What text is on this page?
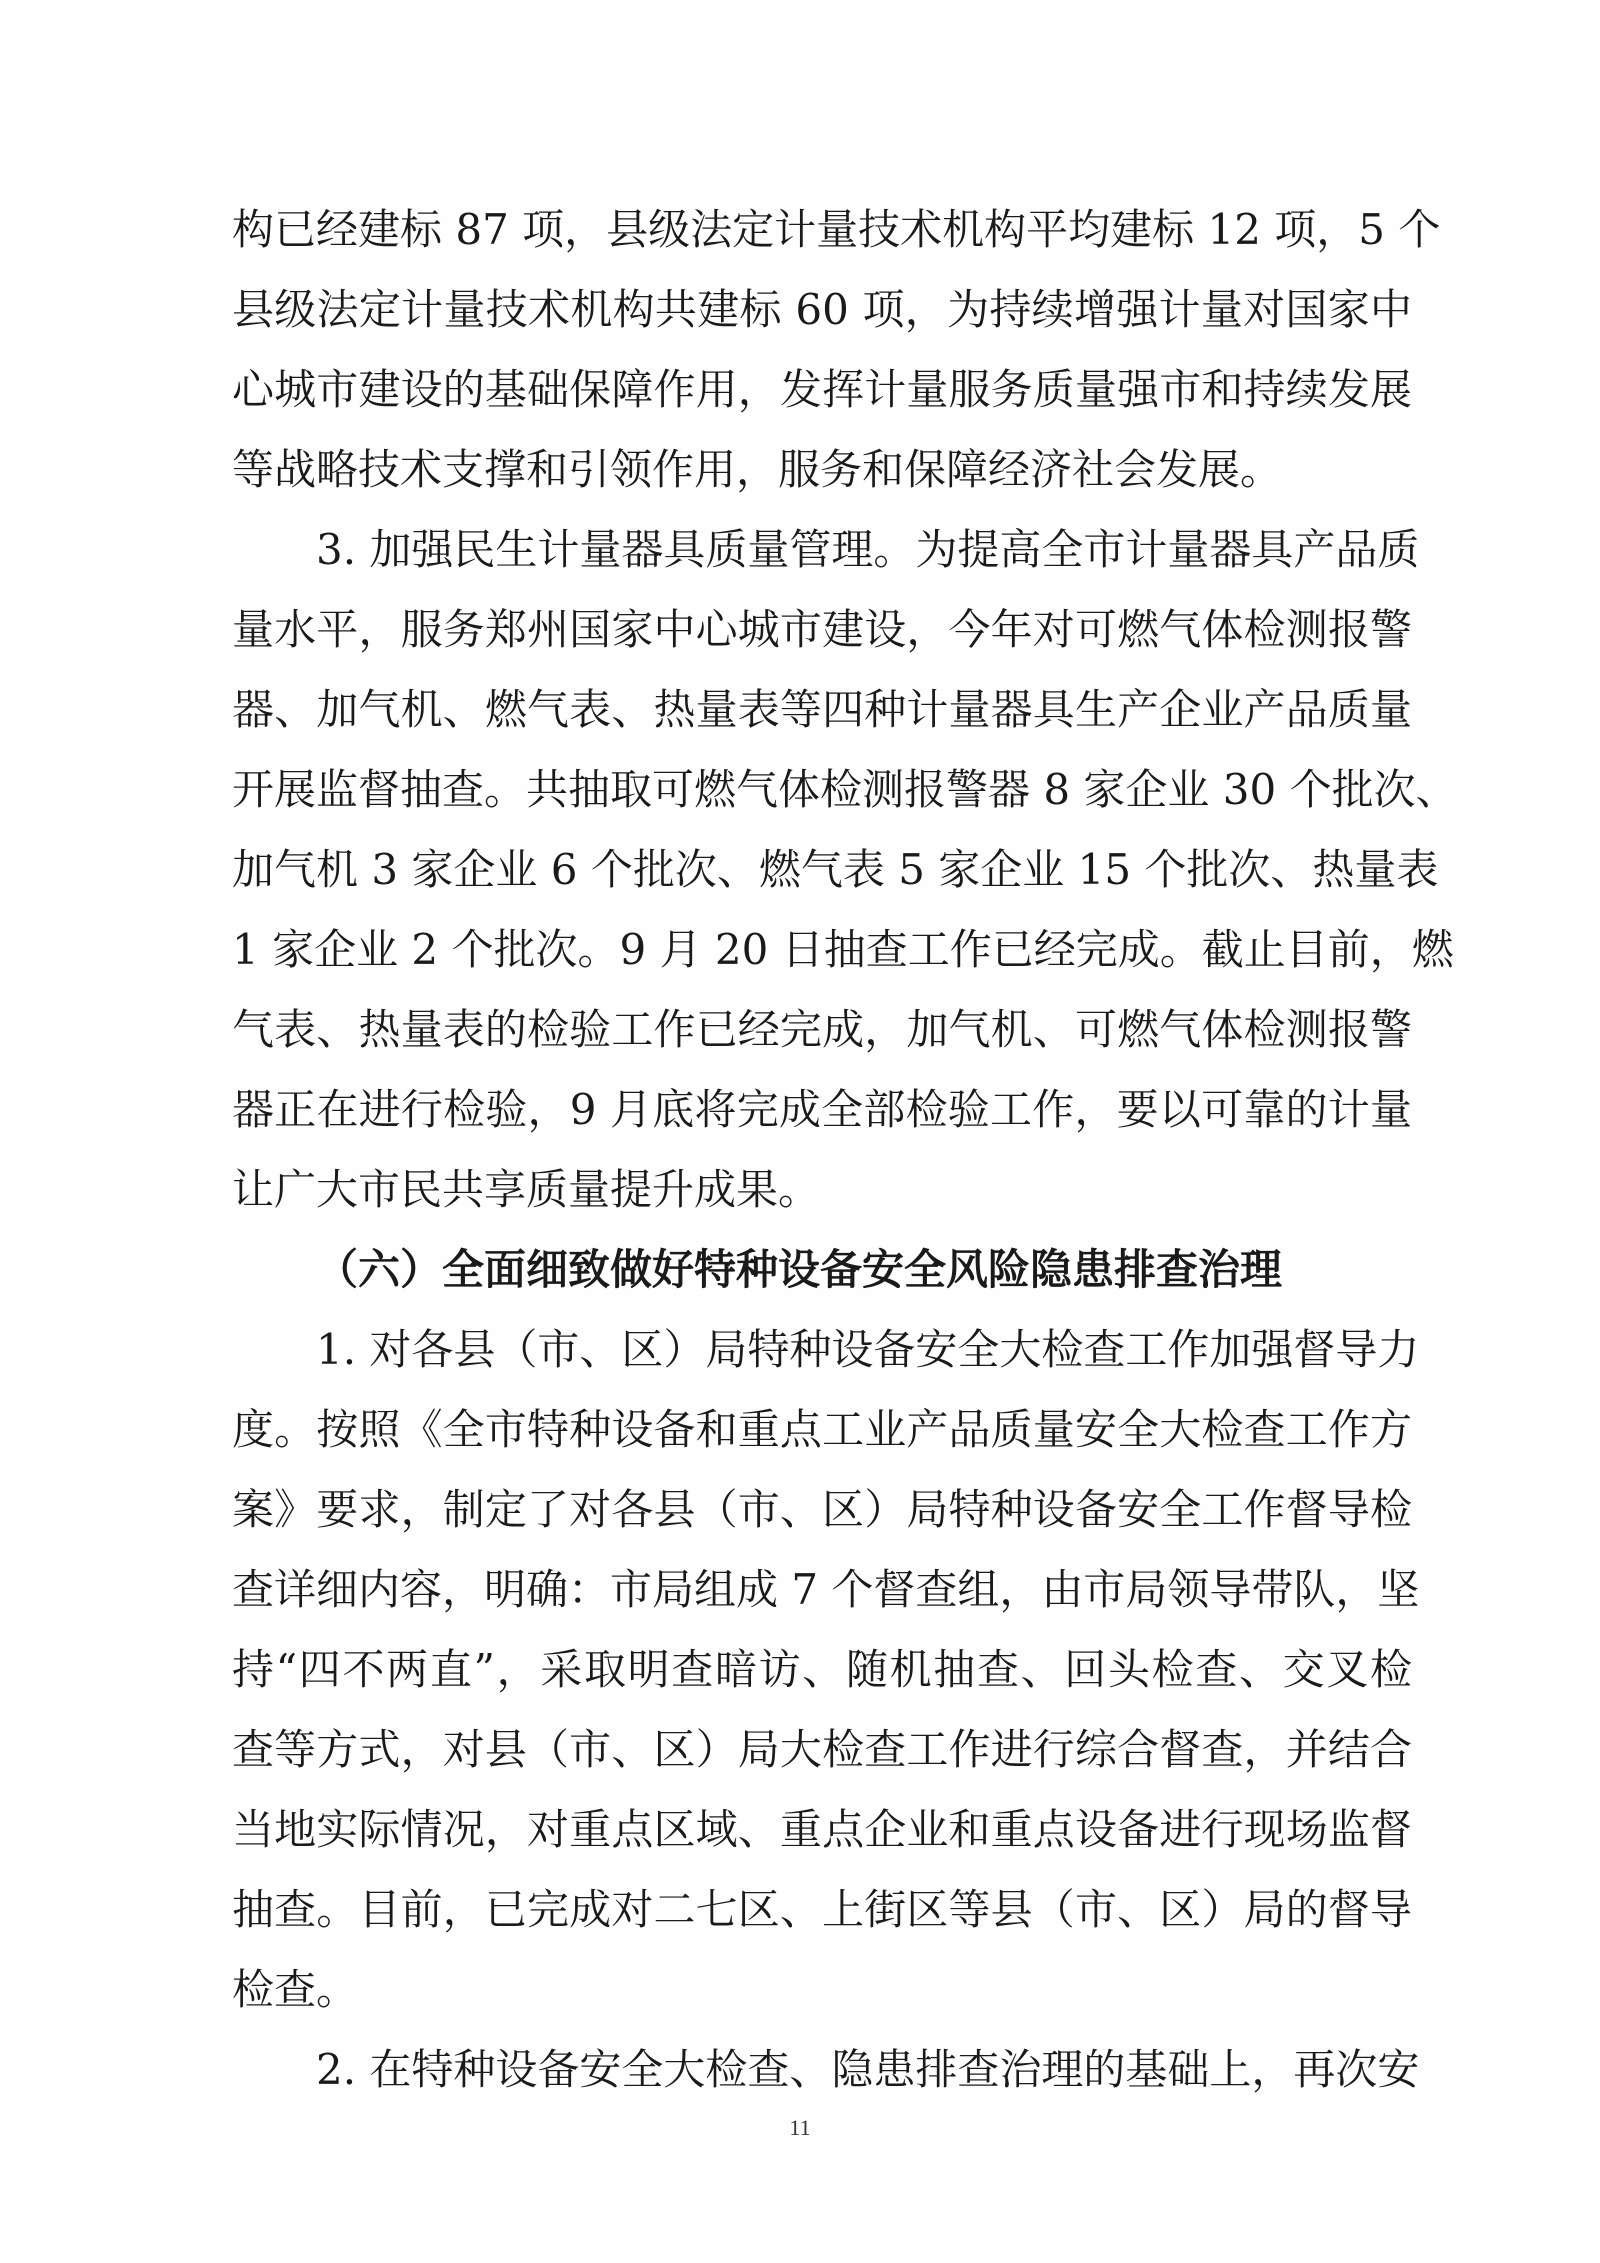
构已经建标 87 项，县级法定计量技术机构平均建标 12 项，5 个
县级法定计量技术机构共建标 60 项，为持续增强计量对国家中
心城市建设的基础保障作用，发挥计量服务质量强市和持续发展
等战略技术支撑和引领作用，服务和保障经济社会发展。
3. 加强民生计量器具质量管理。为提高全市计量器具产品质
量水平，服务郑州国家中心城市建设，今年对可燃气体检测报警
器、加气机、燃气表、热量表等四种计量器具生产企业产品质量
开展监督抽查。共抽取可燃气体检测报警器 8 家企业 30 个批次、
加气机 3 家企业 6 个批次、燃气表 5 家企业 15 个批次、热量表
1 家企业 2 个批次。9 月 20 日抽查工作已经完成。截止目前，燃
气表、热量表的检验工作已经完成，加气机、可燃气体检测报警
器正在进行检验，9 月底将完成全部检验工作，要以可靠的计量
让广大市民共享质量提升成果。
（六）全面细致做好特种设备安全风险隐患排查治理
1. 对各县（市、区）局特种设备安全大检查工作加强督导力
度。按照《全市特种设备和重点工业产品质量安全大检查工作方
案》要求，制定了对各县（市、区）局特种设备安全工作督导检
查详细内容，明确：市局组成 7 个督查组，由市局领导带队，坚
持“四不两直”，采取明查暗访、随机抽查、回头检查、交叉检
查等方式，对县（市、区）局大检查工作进行综合督查，并结合
当地实际情况，对重点区域、重点企业和重点设备进行现场监督
抽查。目前，已完成对二七区、上街区等县（市、区）局的督导
检查。
2. 在特种设备安全大检查、隐患排查治理的基础上，再次安
11
